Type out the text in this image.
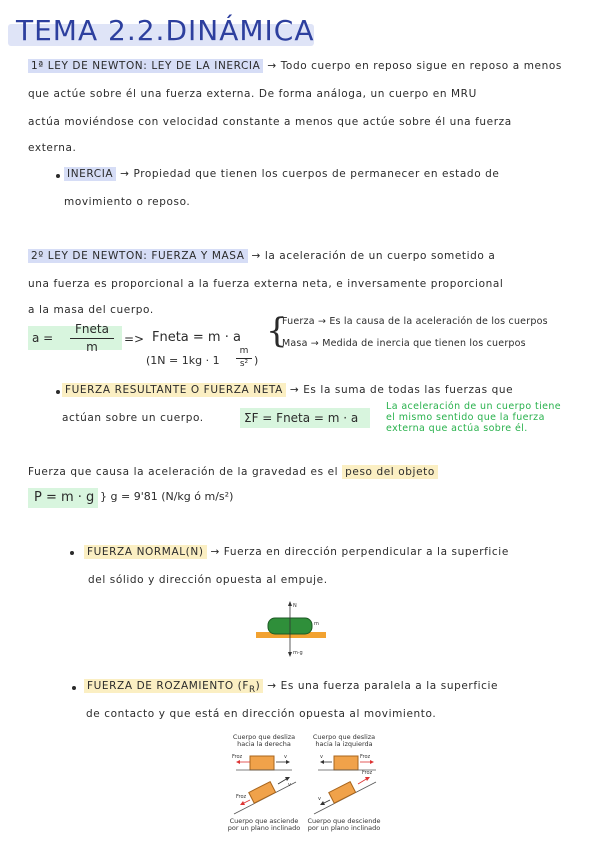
TEMA 2.2.DINÁMICA
1ª LEY DE NEWTON: LEY DE LA INERCIA → Todo cuerpo en reposo sigue en reposo a menos
que actúe sobre él una fuerza externa. De forma análoga, un cuerpo en MRU
actúa moviéndose con velocidad constante a menos que actúe sobre él una fuerza
externa.
INERCIA → Propiedad que tienen los cuerpos de permanecer en estado de
movimiento o reposo.
2º LEY DE NEWTON: FUERZA Y MASA → la aceleración de un cuerpo sometido a
una fuerza es proporcional a la fuerza externa neta, e inversamente proporcional
a la masa del cuerpo.
a =
Fneta
m
=> Fneta = m · a
(1N = 1kg · 1
m
s² )
{
Fuerza → Es la causa de la aceleración de los cuerpos
Masa → Medida de inercia que tienen los cuerpos
FUERZA RESULTANTE O FUERZA NETA → Es la suma de todas las fuerzas que
actúan sobre un cuerpo.	ΣF = Fneta = m · a
La aceleración de un cuerpo tiene
el mismo sentido que la fuerza
externa que actúa sobre él.
Fuerza que causa la aceleración de la gravedad es el peso del objeto
P = m · g } g = 9'81 (N/kg ó m/s²)
FUERZA NORMAL(N) → Fuerza en dirección perpendicular a la superficie
del sólido y dirección opuesta al empuje.
N
m
m·g
FUERZA DE ROZAMIENTO $(F_R) \to Es$ una fuerza paralela a la superficie
de contacto y que está en dirección opuesta al movimiento.
Cuerpo que desliza
hacia la derecha
Cuerpo que desliza
hacia la izquierda
Froz	v	v	Froz
Froz
v
Froz
v
Cuerpo que asciende
por un plano inclinado
Cuerpo que desciende
por un plano inclinado
